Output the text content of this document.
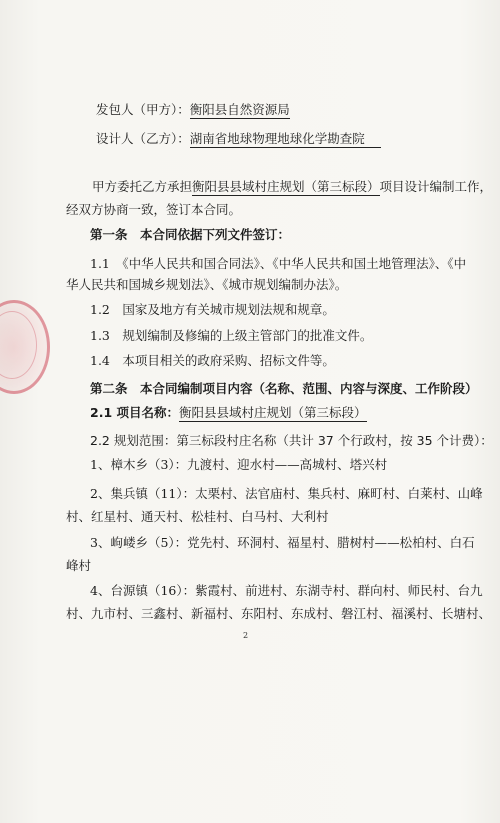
发包人（甲方）：衡阳县自然资源局
设计人（乙方）：湖南省地球物理地球化学勘查院
甲方委托乙方承担衡阳县县域村庄规划（第三标段）项目设计编制工作，
经双方协商一致，签订本合同。
第一条　本合同依据下列文件签订：
1.1　《中华人民共和国合同法》、《中华人民共和国土地管理法》、《中
华人民共和国城乡规划法》、《城市规划编制办法》。
1.2　国家及地方有关城市规划法规和规章。
1.3　规划编制及修编的上级主管部门的批准文件。
1.4　本项目相关的政府采购、招标文件等。
第二条　本合同编制项目内容（名称、范围、内容与深度、工作阶段）
2.1 项目名称：衡阳县县域村庄规划（第三标段）
2.2 规划范围：第三标段村庄名称（共计 37 个行政村，按 35 个计费）：
1、樟木乡（3）：九渡村、迎水村——高城村、塔兴村
2、集兵镇（11）：太栗村、法官庙村、集兵村、麻町村、白莱村、山峰
村、红星村、通天村、松桂村、白马村、大利村
3、岣嵝乡（5）：党先村、环洞村、福星村、腊树村——松柏村、白石
峰村
4、台源镇（16）：紫霞村、前进村、东湖寺村、群向村、师民村、台九
村、九市村、三鑫村、新福村、东阳村、东成村、磐江村、福溪村、长塘村、
2
